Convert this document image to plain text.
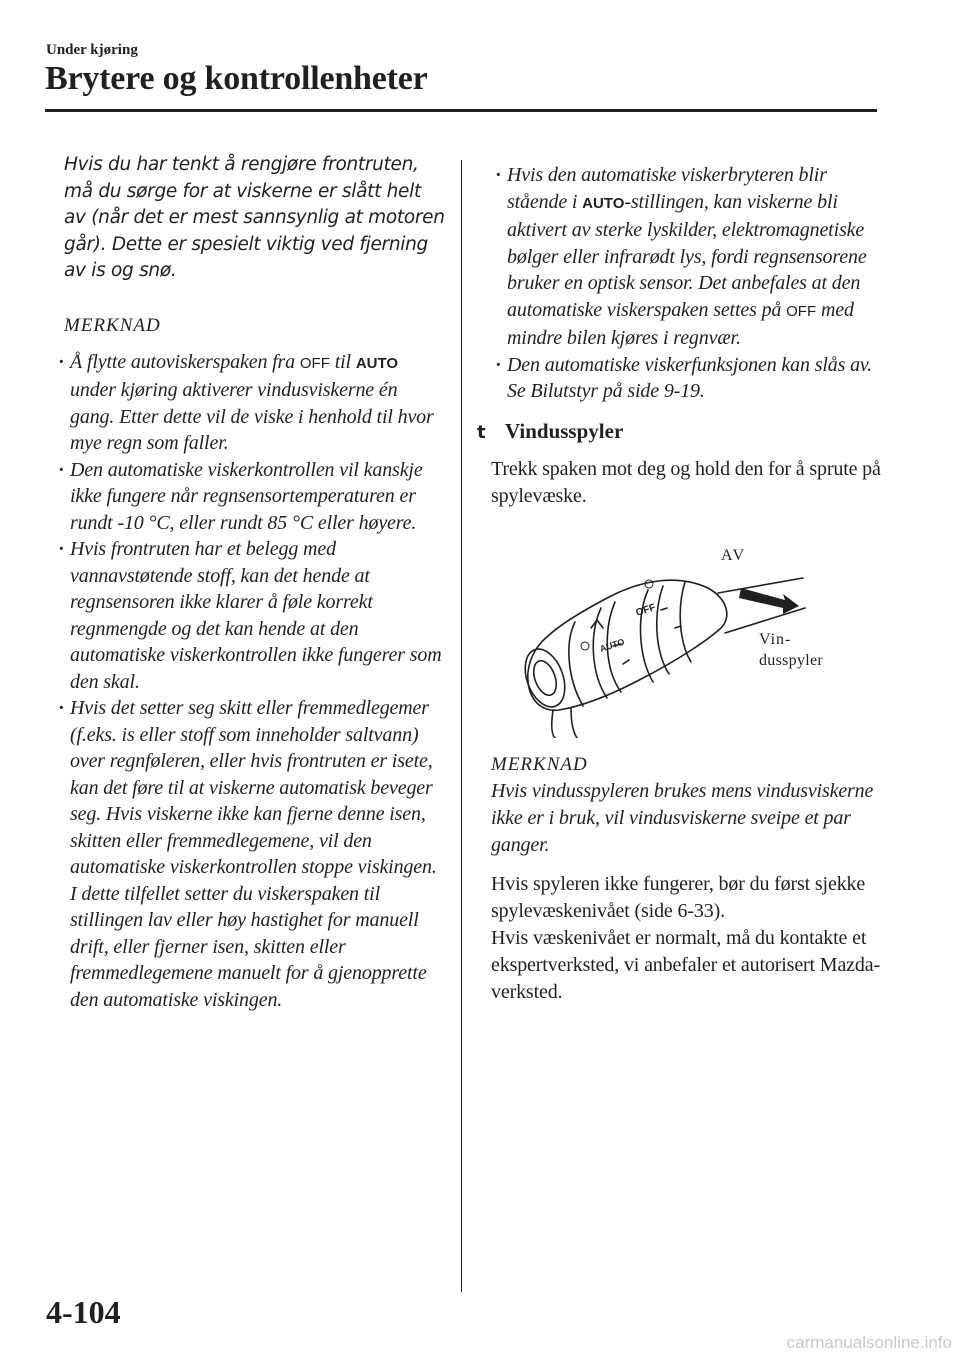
Under kjøring
Brytere og kontrollenheter

Hvis du har tenkt å rengjøre frontruten, må du sørge for at viskerne er slått helt av (når det er mest sannsynlig at motoren går). Dette er spesielt viktig ved fjerning av is og snø.

MERKNAD
· Å flytte autoviskerspaken fra OFF til AUTO under kjøring aktiverer vindusviskerne én gang. Etter dette vil de viske i henhold til hvor mye regn som faller.
· Den automatiske viskerkontrollen vil kanskje ikke fungere når regnsensortemperaturen er rundt -10 °C, eller rundt 85 °C eller høyere.
· Hvis frontruten har et belegg med vannavstøtende stoff, kan det hende at regnsensoren ikke klarer å føle korrekt regnmengde og det kan hende at den automatiske viskerkontrollen ikke fungerer som den skal.
· Hvis det setter seg skitt eller fremmedlegemer (f.eks. is eller stoff som inneholder saltvann) over regnføleren, eller hvis frontruten er isete, kan det føre til at viskerne automatisk beveger seg. Hvis viskerne ikke kan fjerne denne isen, skitten eller fremmedlegemene, vil den automatiske viskerkontrollen stoppe viskingen. I dette tilfellet setter du viskerspaken til stillingen lav eller høy hastighet for manuell drift, eller fjerner isen, skitten eller fremmedlegemene manuelt for å gjenopprette den automatiske viskingen.
· Hvis den automatiske viskerbryteren blir stående i AUTO-stillingen, kan viskerne bli aktivert av sterke lyskilder, elektromagnetiske bølger eller infrarødt lys, fordi regnsensorene bruker en optisk sensor. Det anbefales at den automatiske viskerspaken settes på OFF med mindre bilen kjøres i regnvær.
· Den automatiske viskerfunksjonen kan slås av.
Se Bilutstyr på side 9-19.
t Vindusspyler

Trekk spaken mot deg og hold den for å sprute på spylevæske.

OFF
AUTO
AV
Vin-
dusspyler
MERKNAD

Hvis vindusspyleren brukes mens vindusviskerne ikke er i bruk, vil vindusviskerne sveipe et par ganger.

Hvis spyleren ikke fungerer, bør du først sjekke spylevæskenivået (side 6-33).

Hvis væskenivået er normalt, må du kontakte et ekspertverksted, vi anbefaler et autorisert Mazda-verksted.

4-104
carmanualsonline.info
